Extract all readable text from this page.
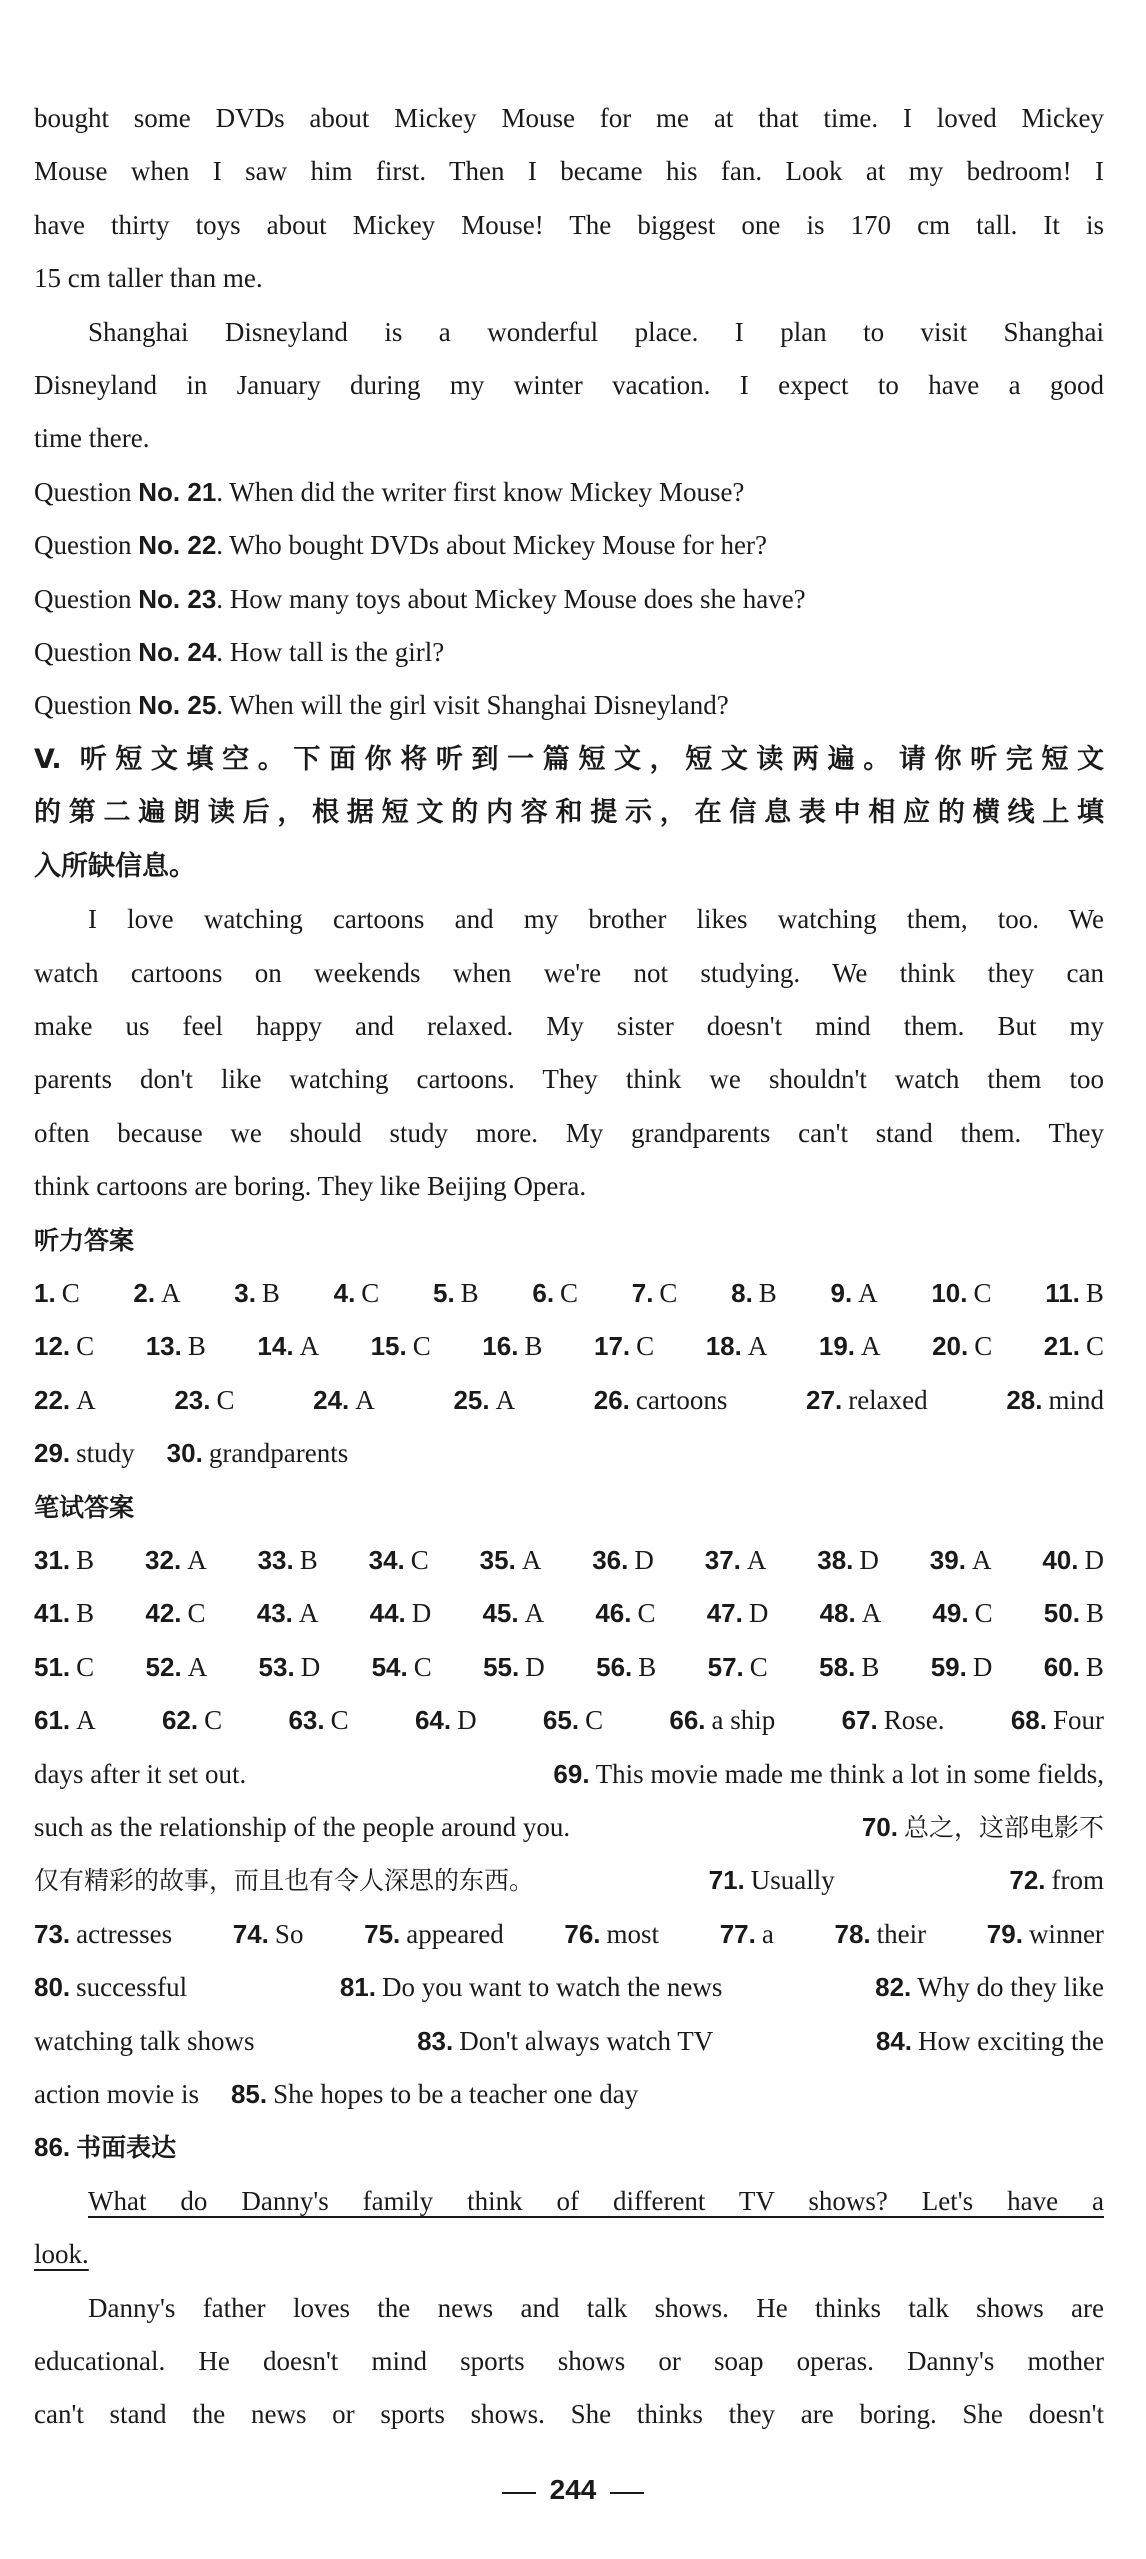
bought some DVDs about Mickey Mouse for me at that time. I loved Mickey

Mouse when I saw him first. Then I became his fan. Look at my bedroom! I

have thirty toys about Mickey Mouse! The biggest one is 170 cm tall. It is

15 cm taller than me.

Shanghai Disneyland is a wonderful place. I plan to visit Shanghai

Disneyland in January during my winter vacation. I expect to have a good

time there.

Question No. 21. When did the writer first know Mickey Mouse?

Question No. 22. Who bought DVDs about Mickey Mouse for her?

Question No. 23. How many toys about Mickey Mouse does she have?

Question No. 24. How tall is the girl?

Question No. 25. When will the girl visit Shanghai Disneyland?

V. 听短文填空。下面你将听到一篇短文，短文读两遍。请你听完短文

的第二遍朗读后，根据短文的内容和提示，在信息表中相应的横线上填

入所缺信息。

I love watching cartoons and my brother likes watching them, too. We

watch cartoons on weekends when we're not studying. We think they can

make us feel happy and relaxed. My sister doesn't mind them. But my

parents don't like watching cartoons. They think we shouldn't watch them too

often because we should study more. My grandparents can't stand them. They

think cartoons are boring. They like Beijing Opera.

听力答案

1. C 2. A 3. B 4. C 5. B 6. C 7. C 8. B 9. A 10. C 11. B
12. C 13. B 14. A 15. C 16. B 17. C 18. A 19. A 20. C 21. C
22. A	23. C	24. A	25. A	26. cartoons	27. relaxed	28. mind
29. study 30. grandparents

笔试答案

31. B 32. A 33. B 34. C 35. A 36. D 37. A 38. D 39. A 40. D
41. B 42. C 43. A 44. D 45. A 46. C 47. D 48. A 49. C 50. B
51. C 52. A 53. D 54. C 55. D 56. B 57. C 58. B 59. D 60. B
61. A	62. C	63. C	64. D	65. C	66. a ship	67. Rose.	68. Four
days after it set out.	69. This movie made me think a lot in some fields,
such as the relationship of the people around you.	70. 总之，这部电影不
仅有精彩的故事，而且也有令人深思的东西。	71. Usually	72. from
73. actresses 74. So 75. appeared 76. most 77. a 78. their 79. winner
80. successful	81. Do you want to watch the news	82. Why do they like
watching talk shows	83. Don't always watch TV	84. How exciting the
action movie is 85. She hopes to be a teacher one day

86. 书面表达

What do Danny's family think of different TV shows? Let's have a

look.

Danny's father loves the news and talk shows. He thinks talk shows are

educational. He doesn't mind sports shows or soap operas. Danny's mother

can't stand the news or sports shows. She thinks they are boring. She doesn't

244
